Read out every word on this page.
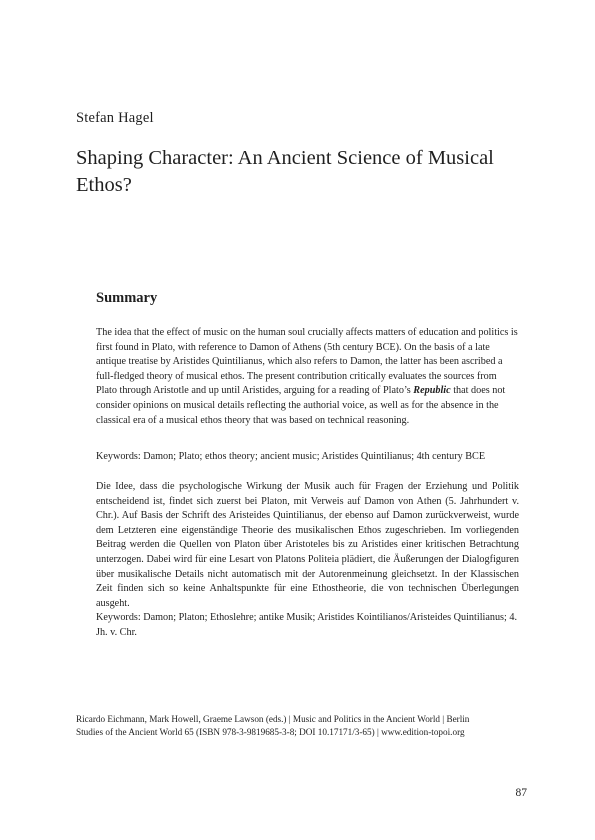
Stefan Hagel
Shaping Character: An Ancient Science of Musical Ethos?
Summary

The idea that the effect of music on the human soul crucially affects matters of education and politics is first found in Plato, with reference to Damon of Athens (5th century BCE). On the basis of a late antique treatise by Aristides Quintilianus, which also refers to Damon, the latter has been ascribed a full-fledged theory of musical ethos. The present contribution critically evaluates the sources from Plato through Aristotle and up until Aristides, arguing for a reading of Plato’s Republic that does not consider opinions on musical details reflecting the authorial voice, as well as for the absence in the classical era of a musical ethos theory that was based on technical reasoning.

Keywords: Damon; Plato; ethos theory; ancient music; Aristides Quintilianus; 4th century BCE

Die Idee, dass die psychologische Wirkung der Musik auch für Fragen der Erziehung und Politik entscheidend ist, findet sich zuerst bei Platon, mit Verweis auf Damon von Athen (5. Jahrhundert v. Chr.). Auf Basis der Schrift des Aristeides Quintilianus, der ebenso auf Damon zurückverweist, wurde dem Letzteren eine eigenständige Theorie des musikalischen Ethos zugeschrieben. Im vorliegenden Beitrag werden die Quellen von Platon über Aristoteles bis zu Aristides einer kritischen Betrachtung unterzogen. Dabei wird für eine Lesart von Platons Politeia plädiert, die Äußerungen der Dialogfiguren über musikalische Details nicht automatisch mit der Autorenmeinung gleichsetzt. In der Klassischen Zeit finden sich so keine Anhaltspunkte für eine Ethostheorie, die von technischen Überlegungen ausgeht.

Keywords: Damon; Platon; Ethoslehre; antike Musik; Aristides Kointilianos/Aristeides Quintilianus; 4. Jh. v. Chr.

Ricardo Eichmann, Mark Howell, Graeme Lawson (eds.) | Music and Politics in the Ancient World | Berlin Studies of the Ancient World 65 (ISBN 978-3-9819685-3-8; DOI 10.17171/3-65) | www.edition-topoi.org
87
